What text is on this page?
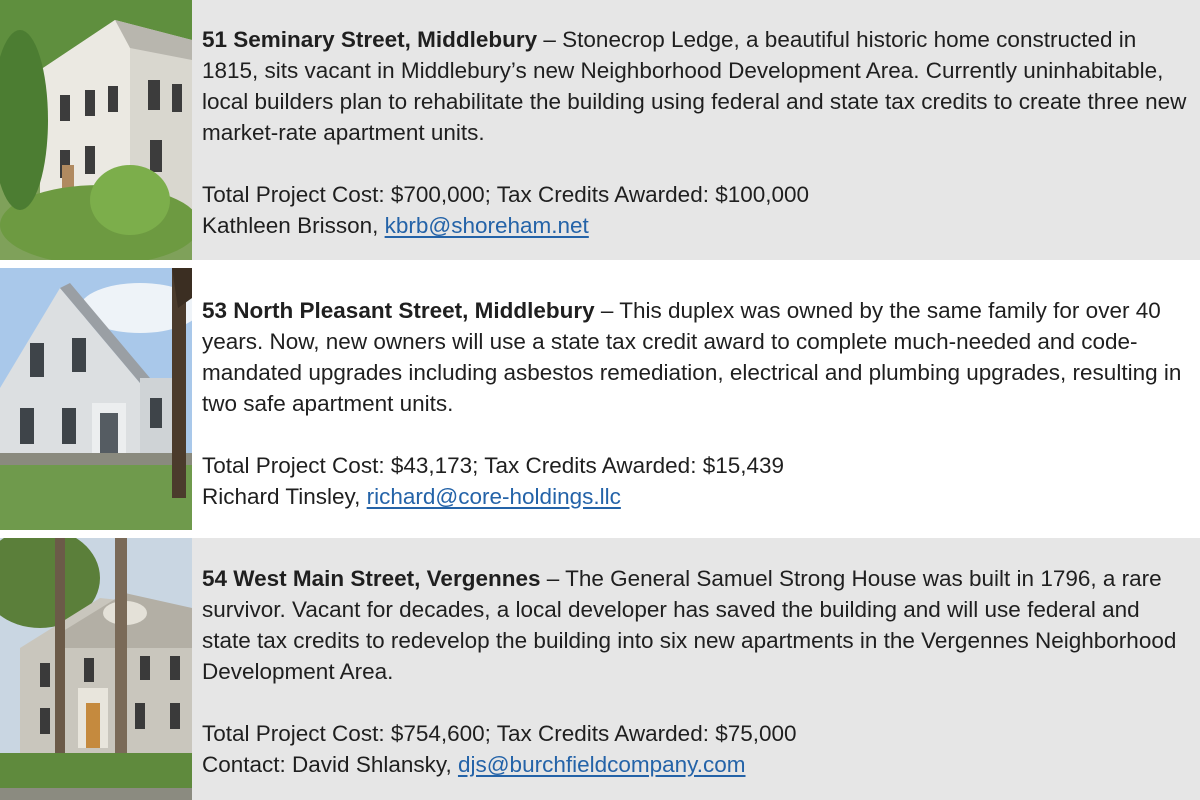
51 Seminary Street, Middlebury – Stonecrop Ledge, a beautiful historic home constructed in 1815, sits vacant in Middlebury’s new Neighborhood Development Area. Currently uninhabitable, local builders plan to rehabilitate the building using federal and state tax credits to create three new market-rate apartment units.

Total Project Cost: $700,000; Tax Credits Awarded: $100,000

Kathleen Brisson, kbrb@shoreham.net

53 North Pleasant Street, Middlebury – This duplex was owned by the same family for over 40 years. Now, new owners will use a state tax credit award to complete much-needed and code-mandated upgrades including asbestos remediation, electrical and plumbing upgrades, resulting in two safe apartment units.

Total Project Cost: $43,173; Tax Credits Awarded: $15,439

Richard Tinsley, richard@core-holdings.llc

54 West Main Street, Vergennes – The General Samuel Strong House was built in 1796, a rare survivor. Vacant for decades, a local developer has saved the building and will use federal and state tax credits to redevelop the building into six new apartments in the Vergennes Neighborhood Development Area.

Total Project Cost: $754,600; Tax Credits Awarded: $75,000

Contact: David Shlansky, djs@burchfieldcompany.com
